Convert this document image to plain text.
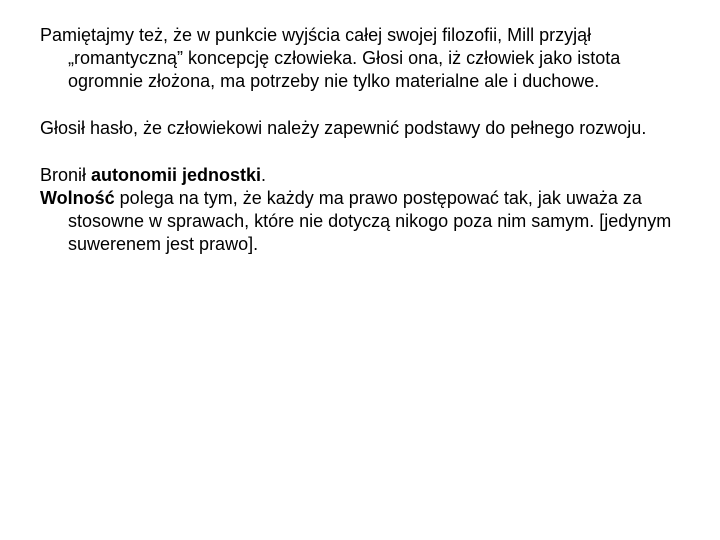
Pamiętajmy też, że w punkcie wyjścia całej swojej filozofii, Mill przyjął „romantyczną” koncepcję człowieka. Głosi ona, iż człowiek jako istota ogromnie złożona, ma potrzeby nie tylko materialne ale i duchowe.

Głosił hasło, że człowiekowi należy zapewnić podstawy do pełnego rozwoju.

Bronił autonomii jednostki.

Wolność polega na tym, że każdy ma prawo postępować tak, jak uważa za stosowne w sprawach, które nie dotyczą nikogo poza nim samym. [jedynym suwerenem jest prawo].
